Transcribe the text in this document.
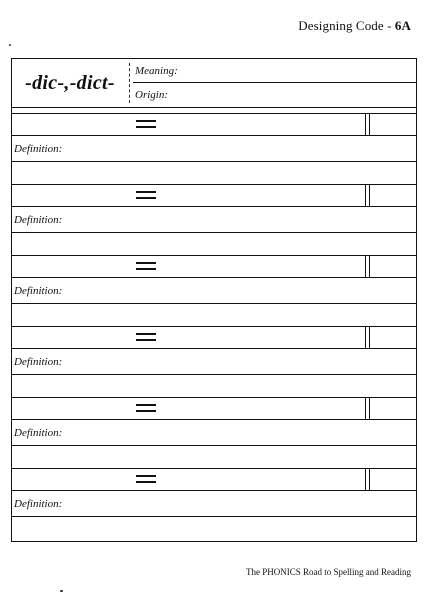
Designing Code - 6A
-dic-,-dict-
Meaning:
Origin:
Definition:
Definition:
Definition:
Definition:
Definition:
Definition:
The PHONICS Road to Spelling and Reading
